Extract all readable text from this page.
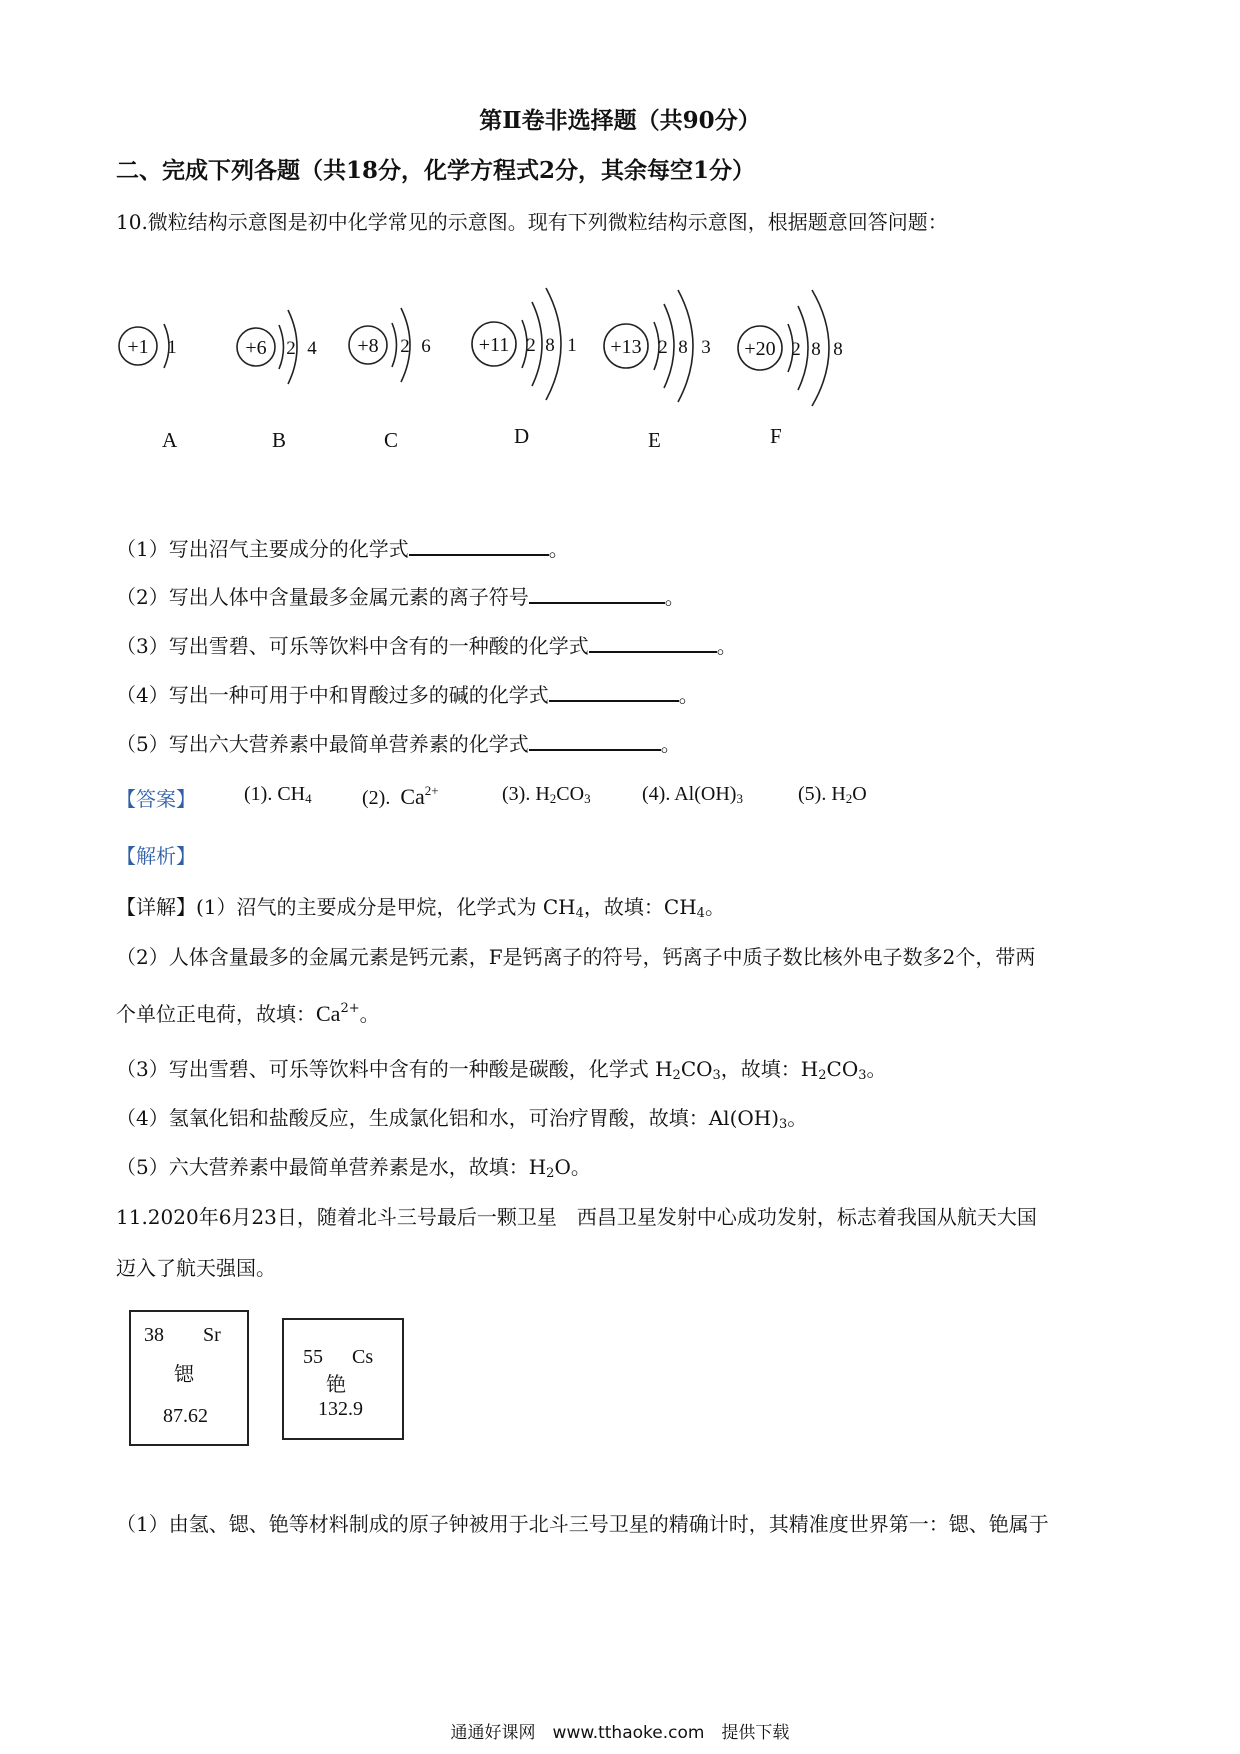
第Ⅱ卷非选择题（共90分）
二、完成下列各题（共18分，化学方程式2分，其余每空1分）
10.微粒结构示意图是初中化学常见的示意图。现有下列微粒结构示意图，根据题意回答问题：
+1 1	+6 2 4 +8 2 6 +11 2 8 1 +13 2 8 3 +20 2 8 8
A	B	C	D	E	F
（1）写出沼气主要成分的化学式	。
（2）写出人体中含量最多金属元素的离子符号	。
（3）写出雪碧、可乐等饮料中含有的一种酸的化学式	。
（4）写出一种可用于中和胃酸过多的碱的化学式	。
（5）写出六大营养素中最简单营养素的化学式	。
【答案】 (1). $CH_4$	(2). $Ca^{2+}$	(3). $H_2CO_3$	(4). $Al(OH)_3$	(5). $H_2O$
【解析】
【详解】(1）沼气的主要成分是甲烷，化学式为 $CH_4$，故填：$CH_4$。
（2）人体含量最多的金属元素是钙元素，F是钙离子的符号，钙离子中质子数比核外电子数多2个，带两
个单位正电荷，故填：$Ca^{2+}$。
（3）写出雪碧、可乐等饮料中含有的一种酸是碳酸，化学式 $H_2CO_3$，故填：$H_2CO_3$。
（4）氢氧化铝和盐酸反应，生成氯化铝和水，可治疗胃酸，故填：$Al(OH)_3$。
（5）六大营养素中最简单营养素是水，故填：$H_2O$。
11.2020年6月23日，随着北斗三号最后一颗卫星　西昌卫星发射中心成功发射，标志着我国从航天大国
迈入了航天强国。
38 Sr
锶
87.62
55 Cs
铯
132.9
（1）由氢、锶、铯等材料制成的原子钟被用于北斗三号卫星的精确计时，其精准度世界第一：锶、铯属于
通通好课网　www.tthaoke.com　提供下载
